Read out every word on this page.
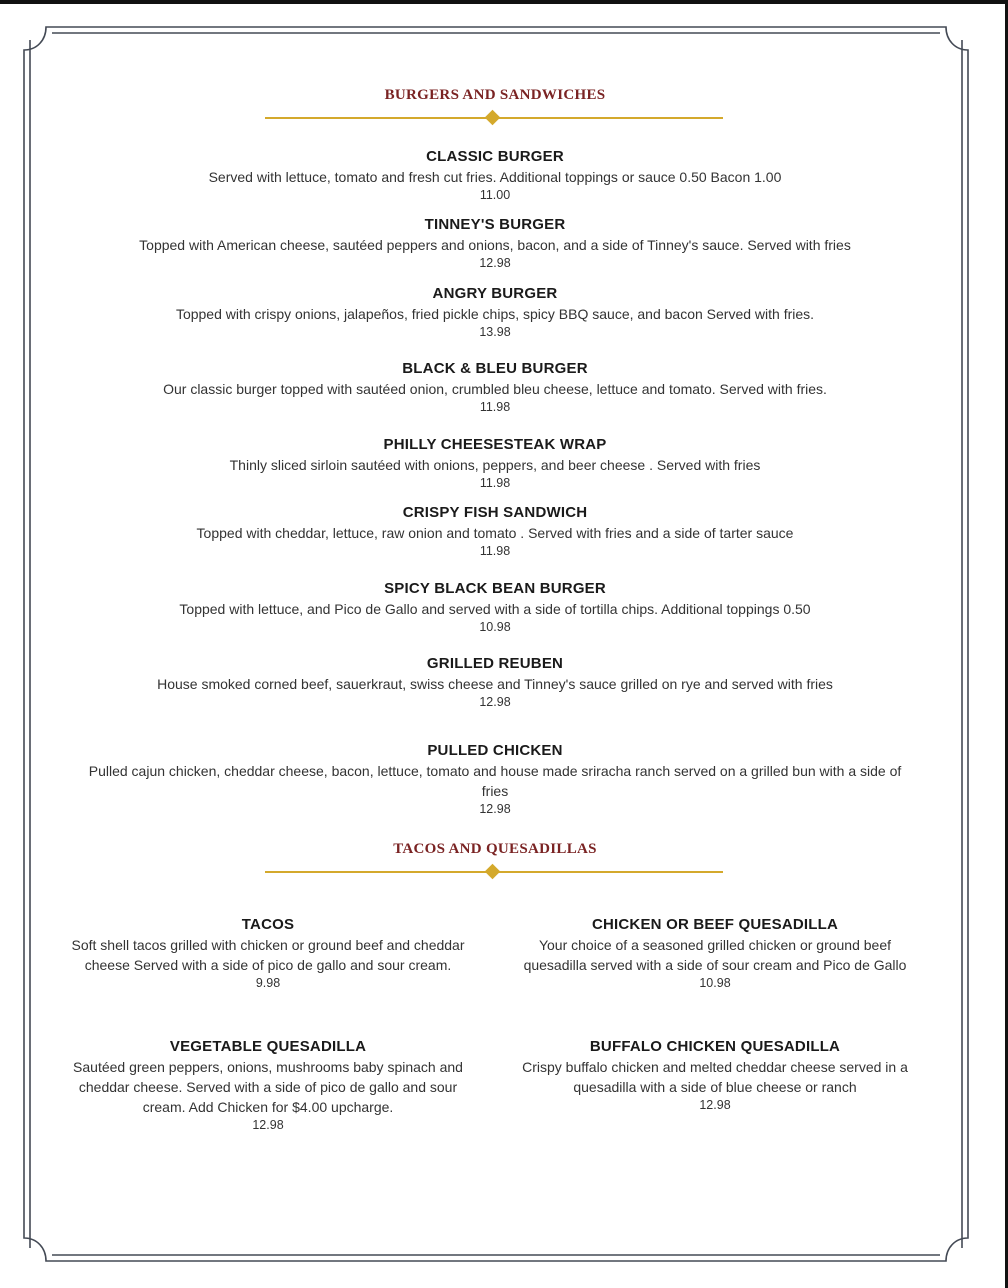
BURGERS AND SANDWICHES
CLASSIC BURGER
Served with lettuce, tomato and fresh cut fries. Additional toppings or sauce 0.50 Bacon 1.00
11.00
TINNEY'S BURGER
Topped with American cheese, sautéed peppers and onions, bacon, and a side of Tinney's sauce. Served with fries
12.98
ANGRY BURGER
Topped with crispy onions, jalapeños, fried pickle chips, spicy BBQ sauce, and bacon Served with fries.
13.98
BLACK & BLEU BURGER
Our classic burger topped with sautéed onion, crumbled bleu cheese, lettuce and tomato. Served with fries.
11.98
PHILLY CHEESESTEAK WRAP
Thinly sliced sirloin sautéed with onions, peppers, and beer cheese . Served with fries
11.98
CRISPY FISH SANDWICH
Topped with cheddar, lettuce, raw onion and tomato . Served with fries and a side of tarter sauce
11.98
SPICY BLACK BEAN BURGER
Topped with lettuce, and Pico de Gallo and served with a side of tortilla chips. Additional toppings 0.50
10.98
GRILLED REUBEN
House smoked corned beef, sauerkraut, swiss cheese and Tinney's sauce grilled on rye and served with fries
12.98
PULLED CHICKEN
Pulled cajun chicken, cheddar cheese, bacon, lettuce, tomato and house made sriracha ranch served on a grilled bun with a side of fries
12.98
TACOS AND QUESADILLAS
TACOS
Soft shell tacos grilled with chicken or ground beef and cheddar cheese Served with a side of pico de gallo and sour cream.
9.98
CHICKEN OR BEEF QUESADILLA
Your choice of a seasoned grilled chicken or ground beef quesadilla served with a side of sour cream and Pico de Gallo
10.98
VEGETABLE QUESADILLA
Sautéed green peppers, onions, mushrooms baby spinach and cheddar cheese. Served with a side of pico de gallo and sour cream. Add Chicken for $4.00 upcharge.
12.98
BUFFALO CHICKEN QUESADILLA
Crispy buffalo chicken and melted cheddar cheese served in a quesadilla with a side of blue cheese or ranch
12.98
